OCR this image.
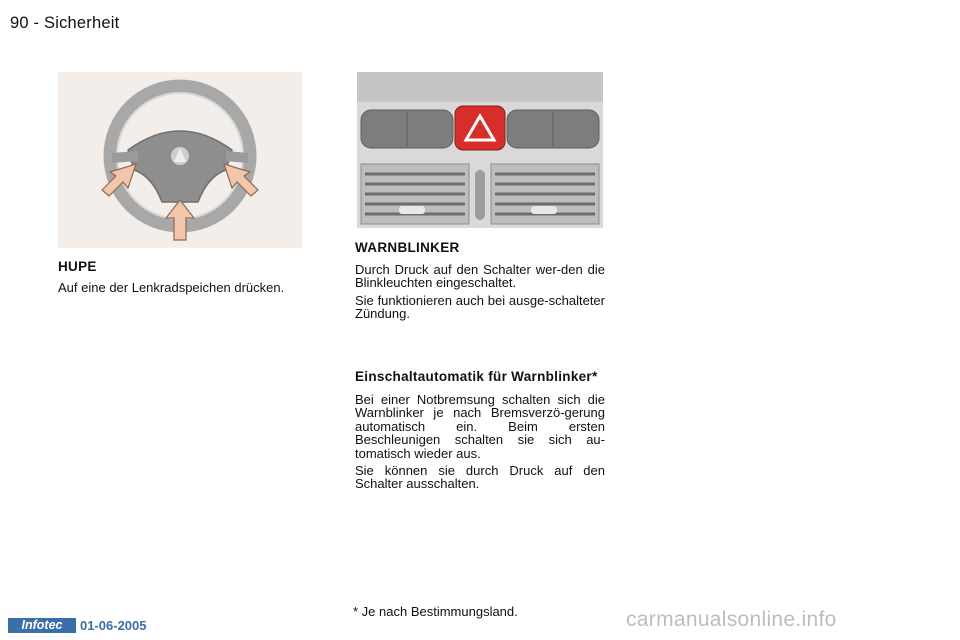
90 - Sicherheit
HUPE

Auf eine der Lenkradspeichen drücken.

WARNBLINKER

Durch Druck auf den Schalter wer-den die Blinkleuchten eingeschaltet.

Sie funktionieren auch bei ausge-schalteter Zündung.

Einschaltautomatik für Warnblinker*

Bei einer Notbremsung schalten sich die Warnblinker je nach Bremsverzö-gerung automatisch ein. Beim ersten Beschleunigen schalten sie sich au-tomatisch wieder aus.

Sie können sie durch Druck auf den Schalter ausschalten.

* Je nach Bestimmungsland.
Infotec	01-06-2005	carmanualsonline.info
